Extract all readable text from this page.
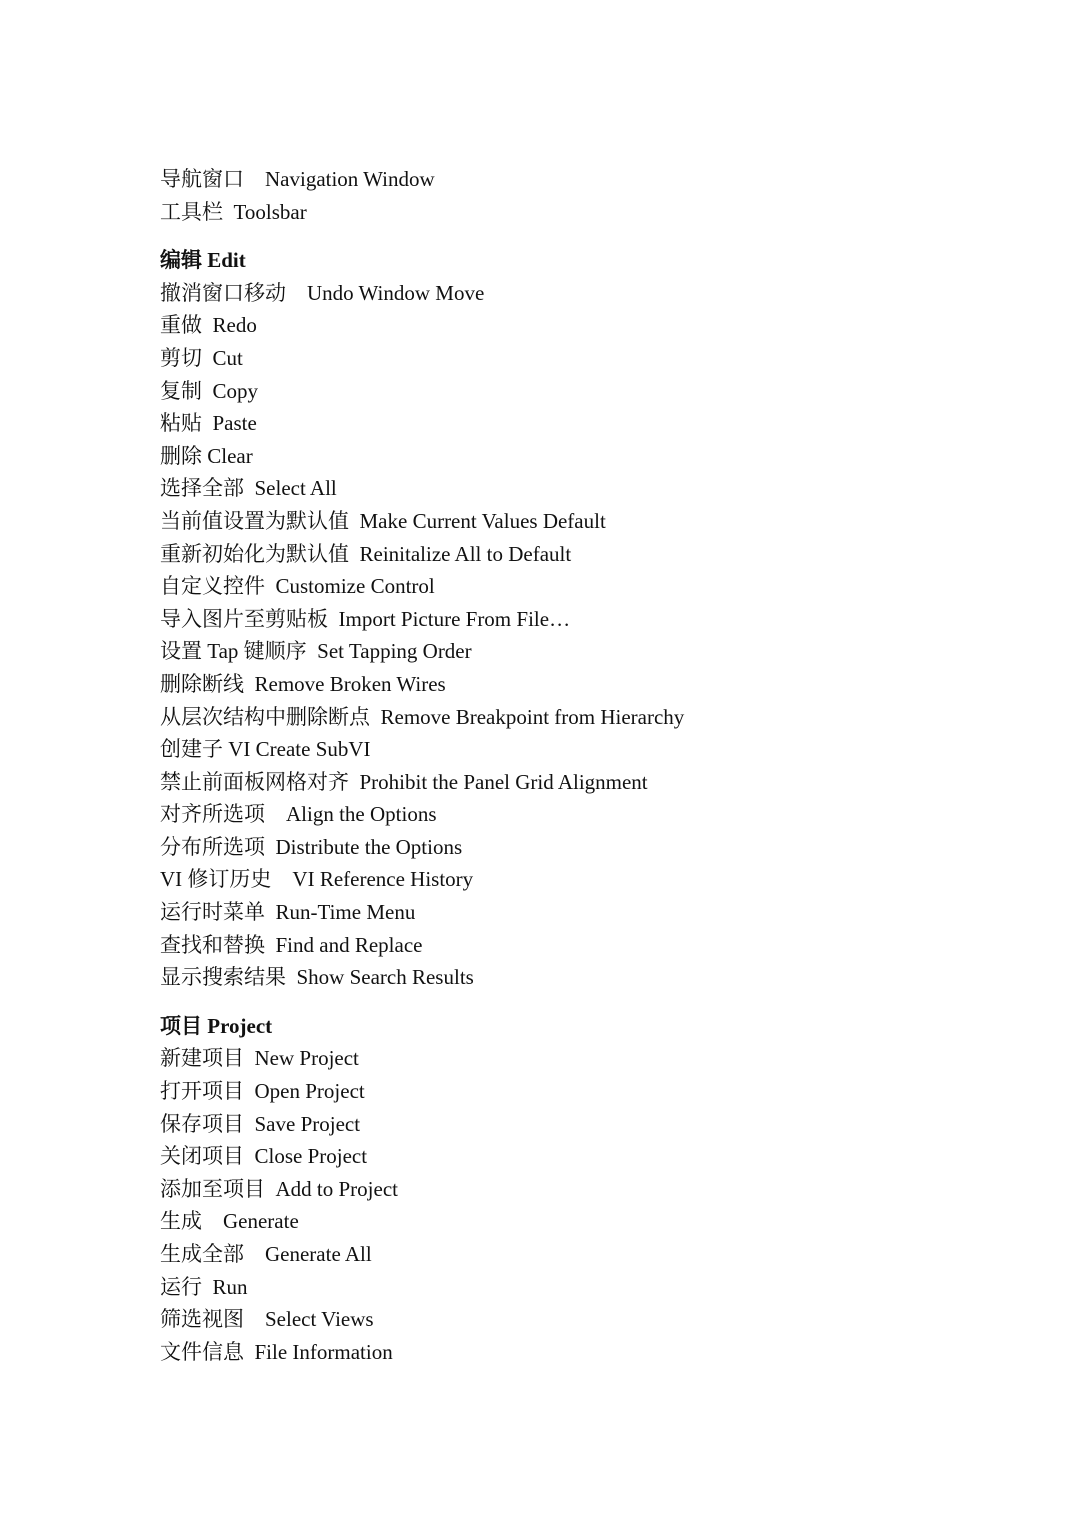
导航窗口    Navigation Window
工具栏  Toolsbar
编辑 Edit
撤消窗口移动    Undo Window Move
重做  Redo
剪切  Cut
复制  Copy
粘贴  Paste
删除 Clear
选择全部  Select All
当前值设置为默认值  Make Current Values Default
重新初始化为默认值  Reinitalize All to Default
自定义控件  Customize Control
导入图片至剪贴板  Import Picture From File…
设置 Tap 键顺序  Set Tapping Order
删除断线  Remove Broken Wires
从层次结构中删除断点  Remove Breakpoint from Hierarchy
创建子 VI Create SubVI
禁止前面板网格对齐  Prohibit the Panel Grid Alignment
对齐所选项    Align the Options
分布所选项  Distribute the Options
VI 修订历史    VI Reference History
运行时菜单  Run-Time Menu
查找和替换  Find and Replace
显示搜索结果  Show Search Results
项目 Project
新建项目  New Project
打开项目  Open Project
保存项目  Save Project
关闭项目  Close Project
添加至项目  Add to Project
生成    Generate
生成全部    Generate All
运行  Run
筛选视图    Select Views
文件信息  File Information
